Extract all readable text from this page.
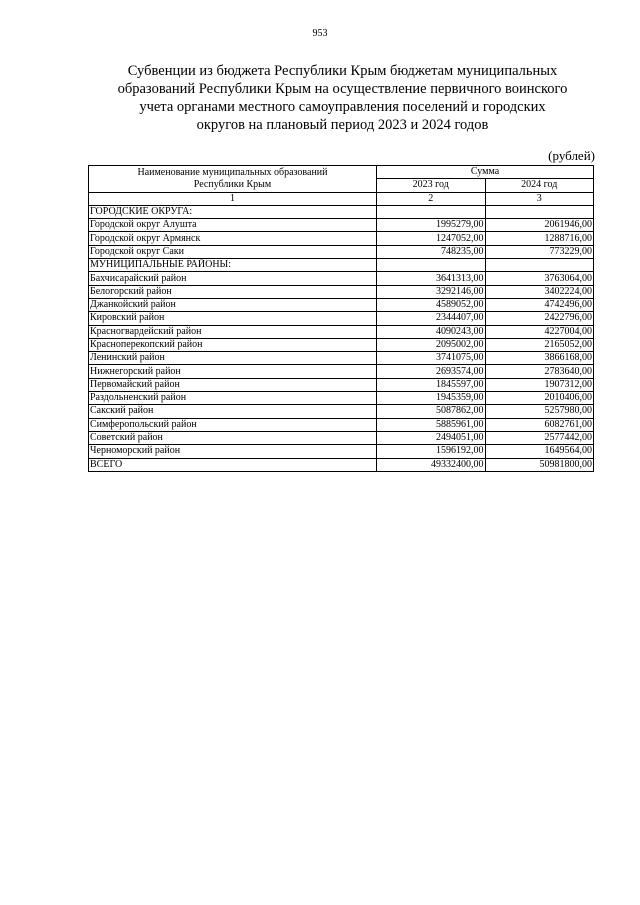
953
Субвенции из бюджета Республики Крым бюджетам муниципальных
образований Республики Крым на осуществление первичного воинского
учета органами местного самоуправления поселений и городских
округов на плановый период 2023 и 2024 годов
(рублей)
Наименование муниципальных образований
Республики Крым	Сумма	
	2023 год	2024 год
1	2	3
ГОРОДСКИЕ ОКРУГА:		
Городской округ Алушта	1995279,00	2061946,00
Городской округ Армянск	1247052,00	1288716,00
Городской округ Саки	748235,00	773229,00
МУНИЦИПАЛЬНЫЕ РАЙОНЫ:		
Бахчисарайский район	3641313,00	3763064,00
Белогорский район	3292146,00	3402224,00
Джанкойский район	4589052,00	4742496,00
Кировский район	2344407,00	2422796,00
Красногвардейский район	4090243,00	4227004,00
Красноперекопский район	2095002,00	2165052,00
Ленинский район	3741075,00	3866168,00
Нижнегорский район	2693574,00	2783640,00
Первомайский район	1845597,00	1907312,00
Раздольненский район	1945359,00	2010406,00
Сакский район	5087862,00	5257980,00
Симферопольский район	5885961,00	6082761,00
Советский район	2494051,00	2577442,00
Черноморский район	1596192,00	1649564,00
ВСЕГО	49332400,00	50981800,00
